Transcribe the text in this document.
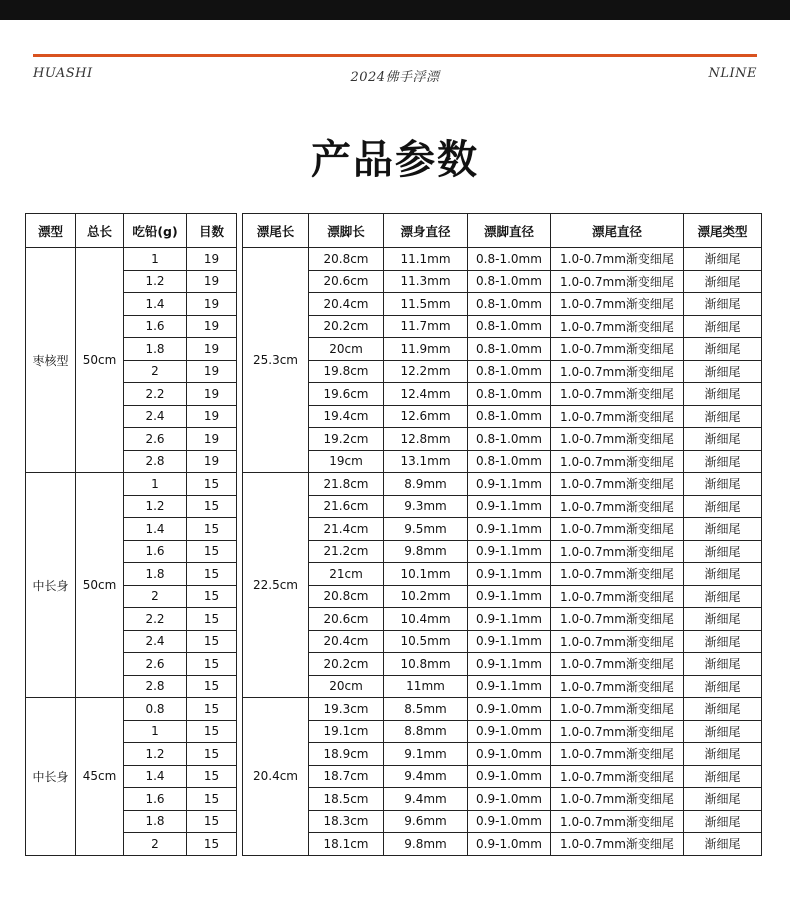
HUASHI	2024佛手浮漂	NLINE
产品参数
漂型	总长	吃铅(g)	目数		漂尾长	漂脚长	漂身直径	漂脚直径	漂尾直径	漂尾类型
枣核型	50cm	1	19		25.3cm	20.8cm	11.1mm	0.8-1.0mm	1.0-0.7mm渐变细尾	渐细尾
		1.2	19			20.6cm	11.3mm	0.8-1.0mm	1.0-0.7mm渐变细尾	渐细尾
		1.4	19			20.4cm	11.5mm	0.8-1.0mm	1.0-0.7mm渐变细尾	渐细尾
		1.6	19			20.2cm	11.7mm	0.8-1.0mm	1.0-0.7mm渐变细尾	渐细尾
		1.8	19			20cm	11.9mm	0.8-1.0mm	1.0-0.7mm渐变细尾	渐细尾
		2	19			19.8cm	12.2mm	0.8-1.0mm	1.0-0.7mm渐变细尾	渐细尾
		2.2	19			19.6cm	12.4mm	0.8-1.0mm	1.0-0.7mm渐变细尾	渐细尾
		2.4	19			19.4cm	12.6mm	0.8-1.0mm	1.0-0.7mm渐变细尾	渐细尾
		2.6	19			19.2cm	12.8mm	0.8-1.0mm	1.0-0.7mm渐变细尾	渐细尾
		2.8	19			19cm	13.1mm	0.8-1.0mm	1.0-0.7mm渐变细尾	渐细尾
中长身	50cm	1	15		22.5cm	21.8cm	8.9mm	0.9-1.1mm	1.0-0.7mm渐变细尾	渐细尾
		1.2	15			21.6cm	9.3mm	0.9-1.1mm	1.0-0.7mm渐变细尾	渐细尾
		1.4	15			21.4cm	9.5mm	0.9-1.1mm	1.0-0.7mm渐变细尾	渐细尾
		1.6	15			21.2cm	9.8mm	0.9-1.1mm	1.0-0.7mm渐变细尾	渐细尾
		1.8	15			21cm	10.1mm	0.9-1.1mm	1.0-0.7mm渐变细尾	渐细尾
		2	15			20.8cm	10.2mm	0.9-1.1mm	1.0-0.7mm渐变细尾	渐细尾
		2.2	15			20.6cm	10.4mm	0.9-1.1mm	1.0-0.7mm渐变细尾	渐细尾
		2.4	15			20.4cm	10.5mm	0.9-1.1mm	1.0-0.7mm渐变细尾	渐细尾
		2.6	15			20.2cm	10.8mm	0.9-1.1mm	1.0-0.7mm渐变细尾	渐细尾
		2.8	15			20cm	11mm	0.9-1.1mm	1.0-0.7mm渐变细尾	渐细尾
中长身	45cm	0.8	15		20.4cm	19.3cm	8.5mm	0.9-1.0mm	1.0-0.7mm渐变细尾	渐细尾
		1	15			19.1cm	8.8mm	0.9-1.0mm	1.0-0.7mm渐变细尾	渐细尾
		1.2	15			18.9cm	9.1mm	0.9-1.0mm	1.0-0.7mm渐变细尾	渐细尾
		1.4	15			18.7cm	9.4mm	0.9-1.0mm	1.0-0.7mm渐变细尾	渐细尾
		1.6	15			18.5cm	9.4mm	0.9-1.0mm	1.0-0.7mm渐变细尾	渐细尾
		1.8	15			18.3cm	9.6mm	0.9-1.0mm	1.0-0.7mm渐变细尾	渐细尾
		2	15			18.1cm	9.8mm	0.9-1.0mm	1.0-0.7mm渐变细尾	渐细尾
